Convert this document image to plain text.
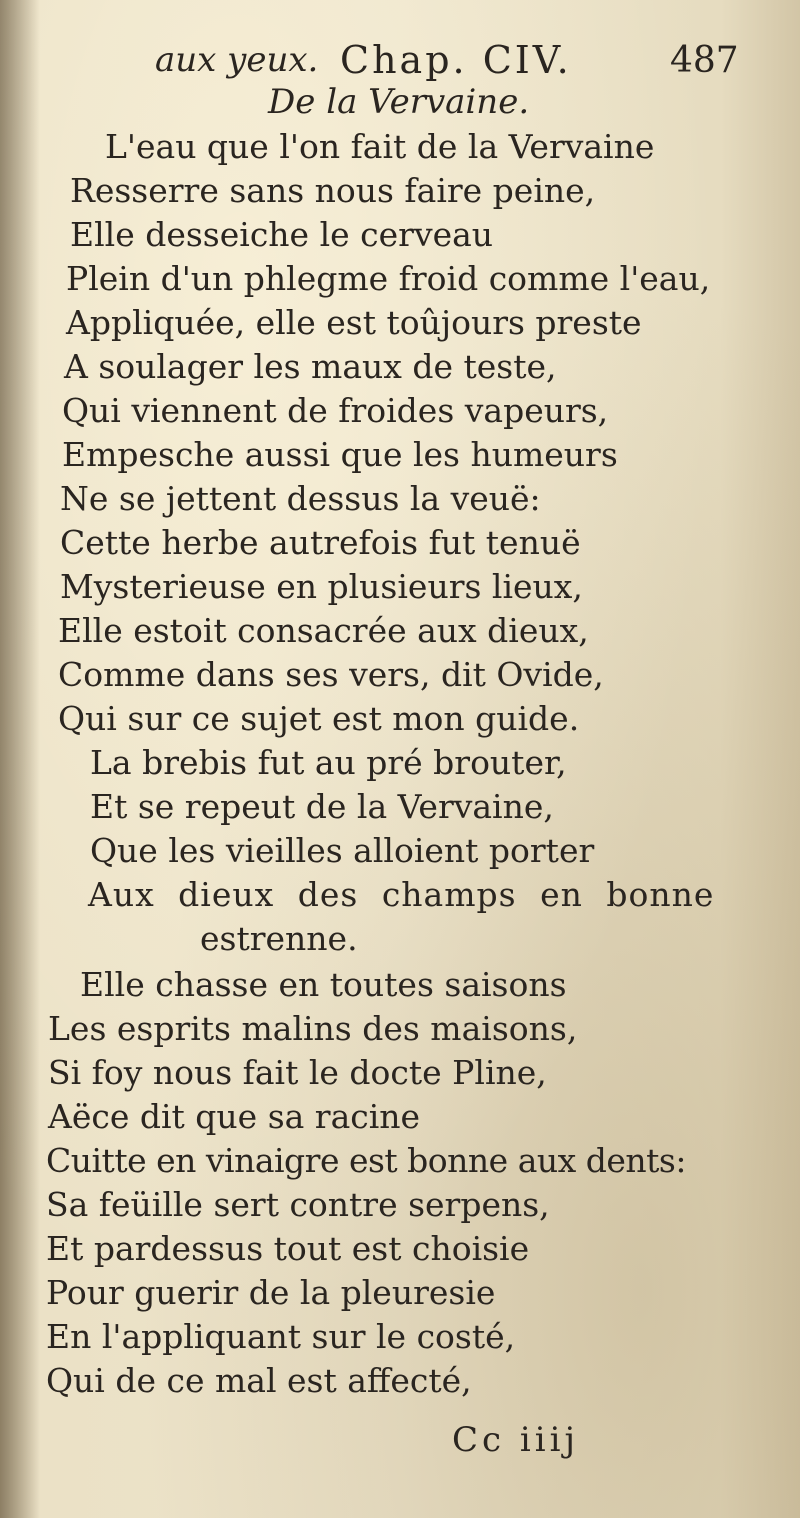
aux yeux. Chap. CIV.	487
De la Vervaine.
L'eau que l'on fait de la Vervaine
Resserre sans nous faire peine,
Elle desseiche le cerveau
Plein d'un phlegme froid comme l'eau,
Appliquée, elle est toûjours preste
A soulager les maux de teste,
Qui viennent de froides vapeurs,
Empesche aussi que les humeurs
Ne se jettent dessus la veuë:
Cette herbe autrefois fut tenuë
Mysterieuse en plusieurs lieux,
Elle estoit consacrée aux dieux,
Comme dans ses vers, dit Ovide,
Qui sur ce sujet est mon guide.
La brebis fut au pré brouter,
Et se repeut de la Vervaine,
Que les vieilles alloient porter
Aux dieux des champs en bonne
estrenne.
Elle chasse en toutes saisons
Les esprits malins des maisons,
Si foy nous fait le docte Pline,
Aëce dit que sa racine
Cuitte en vinaigre est bonne aux dents:
Sa feüille sert contre serpens,
Et pardessus tout est choisie
Pour guerir de la pleuresie
En l'appliquant sur le costé,
Qui de ce mal est affecté,
Cc iiij
